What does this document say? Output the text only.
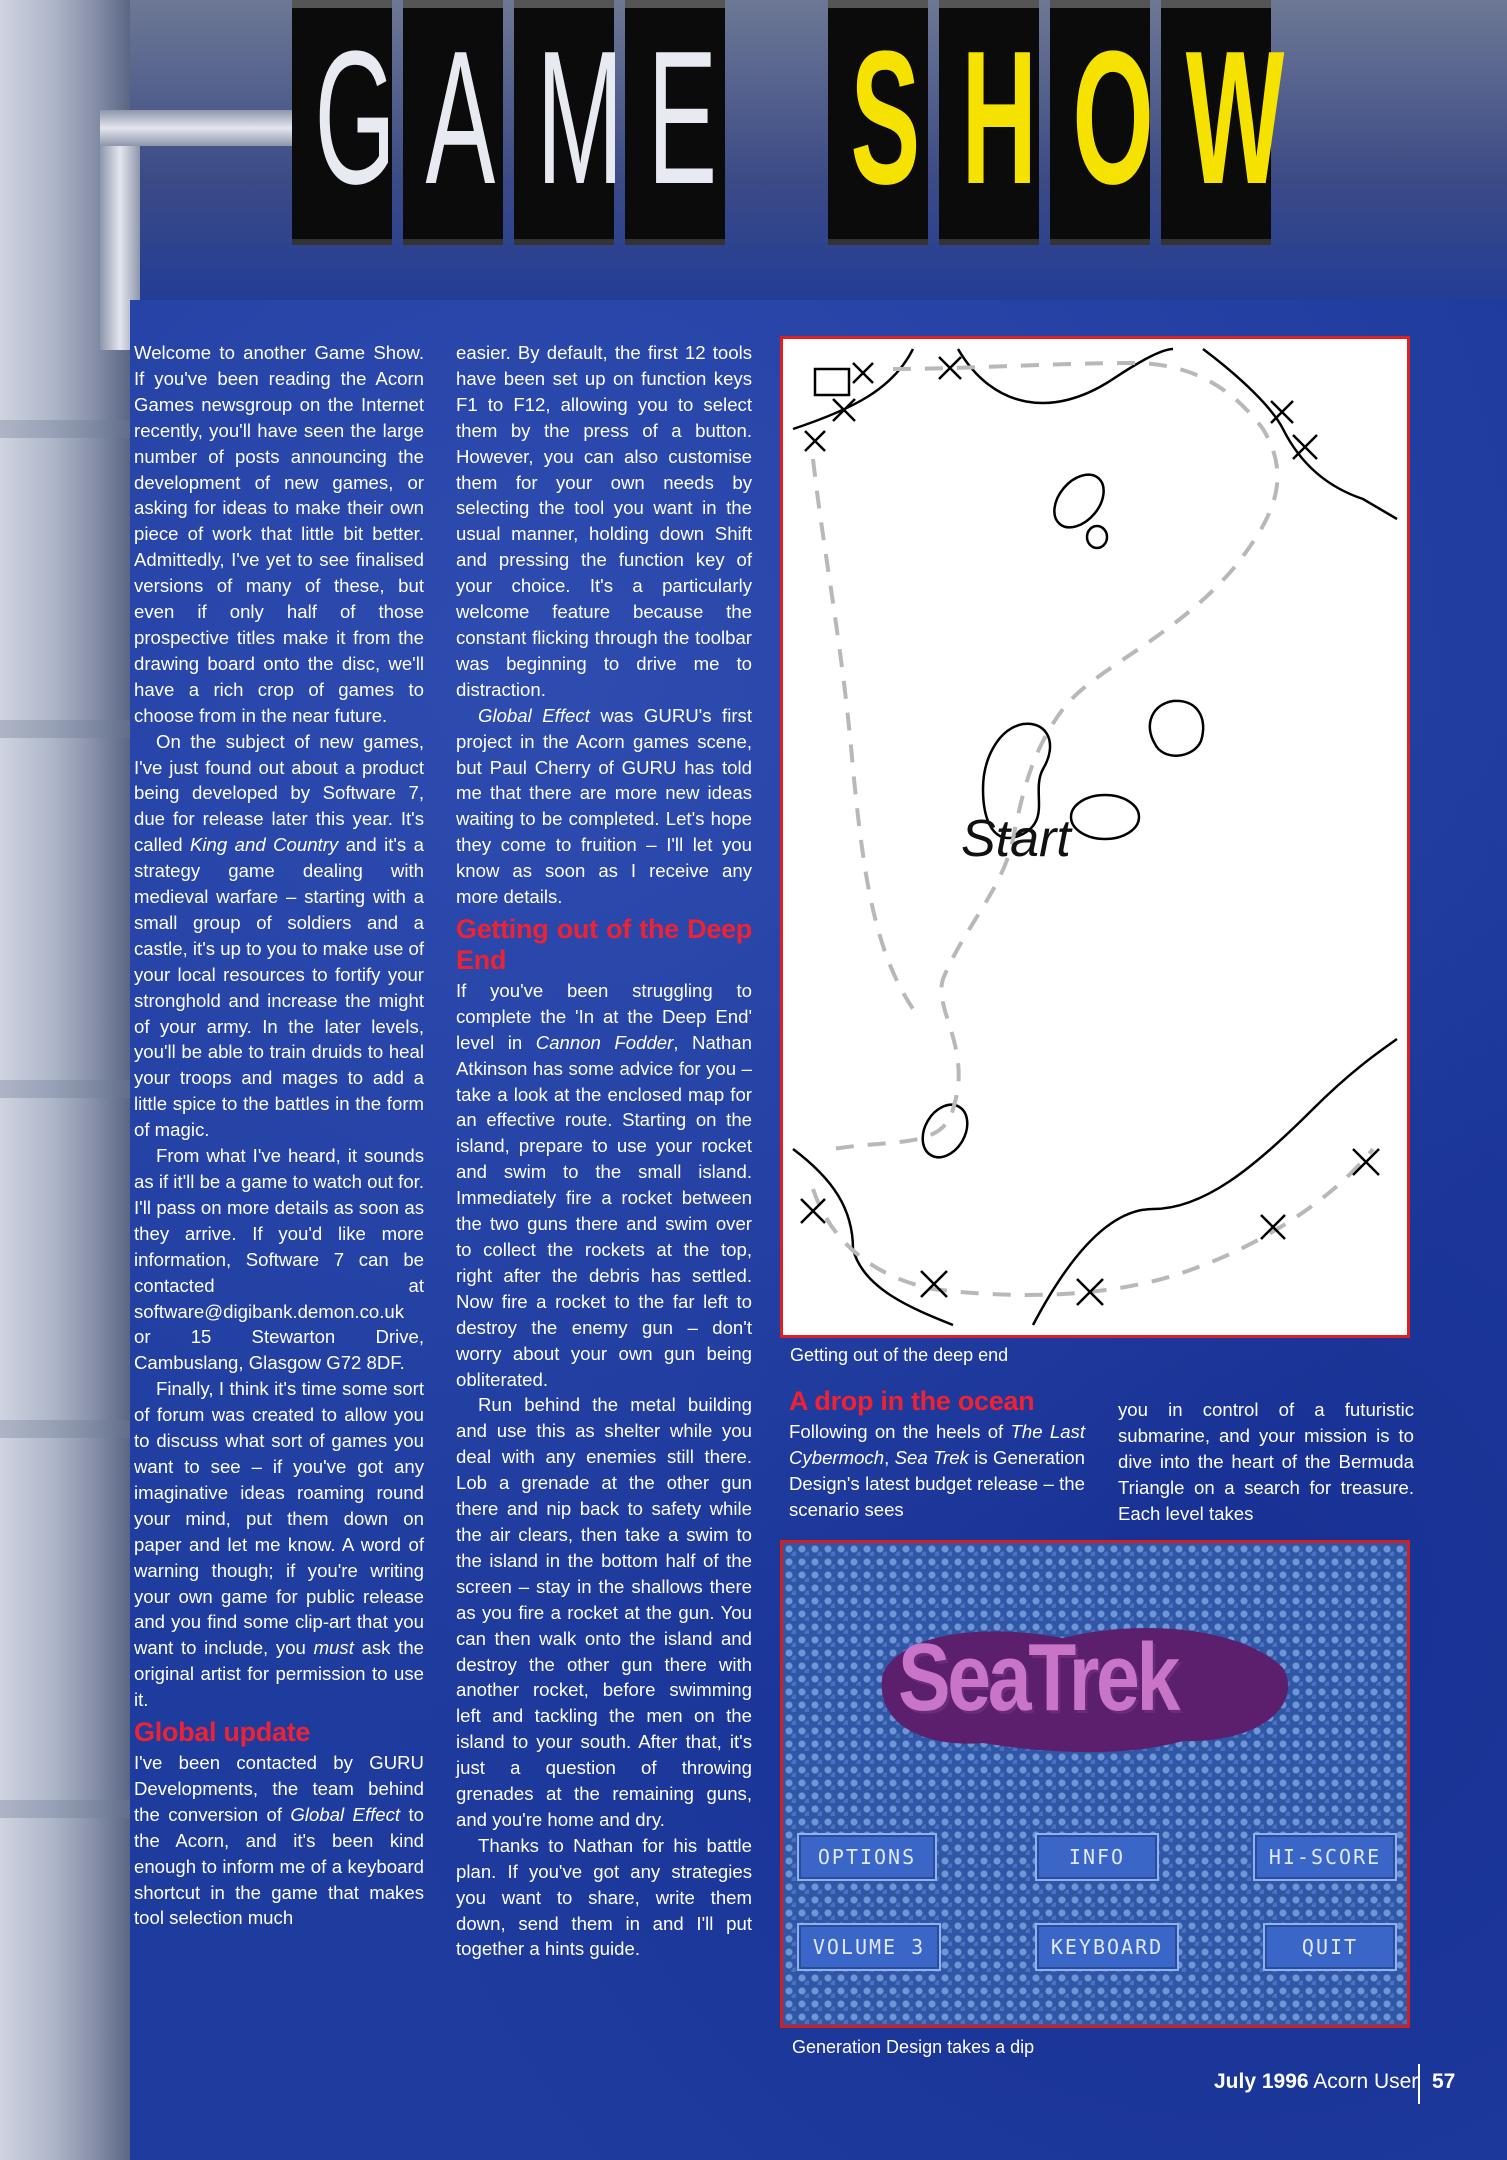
G A M E S H O W

Welcome to another Game Show. If you've been reading the Acorn Games newsgroup on the Internet recently, you'll have seen the large number of posts announcing the development of new games, or asking for ideas to make their own piece of work that little bit better. Admittedly, I've yet to see finalised versions of many of these, but even if only half of those prospective titles make it from the drawing board onto the disc, we'll have a rich crop of games to choose from in the near future.

On the subject of new games, I've just found out about a product being developed by Software 7, due for release later this year. It's called King and Country and it's a strategy game dealing with medieval warfare – starting with a small group of soldiers and a castle, it's up to you to make use of your local resources to fortify your stronghold and increase the might of your army. In the later levels, you'll be able to train druids to heal your troops and mages to add a little spice to the battles in the form of magic.

From what I've heard, it sounds as if it'll be a game to watch out for. I'll pass on more details as soon as they arrive. If you'd like more information, Software 7 can be contacted at software@digibank.demon.co.uk or 15 Stewarton Drive, Cambuslang, Glasgow G72 8DF.

Finally, I think it's time some sort of forum was created to allow you to discuss what sort of games you want to see – if you've got any imaginative ideas roaming round your mind, put them down on paper and let me know. A word of warning though; if you're writing your own game for public release and you find some clip-art that you want to include, you must ask the original artist for permission to use it.

Global update

I've been contacted by GURU Developments, the team behind the conversion of Global Effect to the Acorn, and it's been kind enough to inform me of a keyboard shortcut in the game that makes tool selection much

easier. By default, the first 12 tools have been set up on function keys F1 to F12, allowing you to select them by the press of a button. However, you can also customise them for your own needs by selecting the tool you want in the usual manner, holding down Shift and pressing the function key of your choice. It's a particularly welcome feature because the constant flicking through the toolbar was beginning to drive me to distraction.

Global Effect was GURU's first project in the Acorn games scene, but Paul Cherry of GURU has told me that there are more new ideas waiting to be completed. Let's hope they come to fruition – I'll let you know as soon as I receive any more details.

Getting out of the Deep End

If you've been struggling to complete the 'In at the Deep End' level in Cannon Fodder, Nathan Atkinson has some advice for you – take a look at the enclosed map for an effective route. Starting on the island, prepare to use your rocket and swim to the small island. Immediately fire a rocket between the two guns there and swim over to collect the rockets at the top, right after the debris has settled. Now fire a rocket to the far left to destroy the enemy gun – don't worry about your own gun being obliterated.

Run behind the metal building and use this as shelter while you deal with any enemies still there. Lob a grenade at the other gun there and nip back to safety while the air clears, then take a swim to the island in the bottom half of the screen – stay in the shallows there as you fire a rocket at the gun. You can then walk onto the island and destroy the other gun there with another rocket, before swimming left and tackling the men on the island to your south. After that, it's just a question of throwing grenades at the remaining guns, and you're home and dry.

Thanks to Nathan for his battle plan. If you've got any strategies you want to share, write them down, send them in and I'll put together a hints guide.

Start
Getting out of the deep end
A drop in the ocean

Following on the heels of The Last Cybermoch, Sea Trek is Generation Design's latest budget release – the scenario sees

you in control of a futuristic submarine, and your mission is to dive into the heart of the Bermuda Triangle on a search for treasure. Each level takes

SeaTrek
OPTIONS	INFO	HI-SCORE
VOLUME 3	KEYBOARD	QUIT
Generation Design takes a dip
July 1996 Acorn User 57
